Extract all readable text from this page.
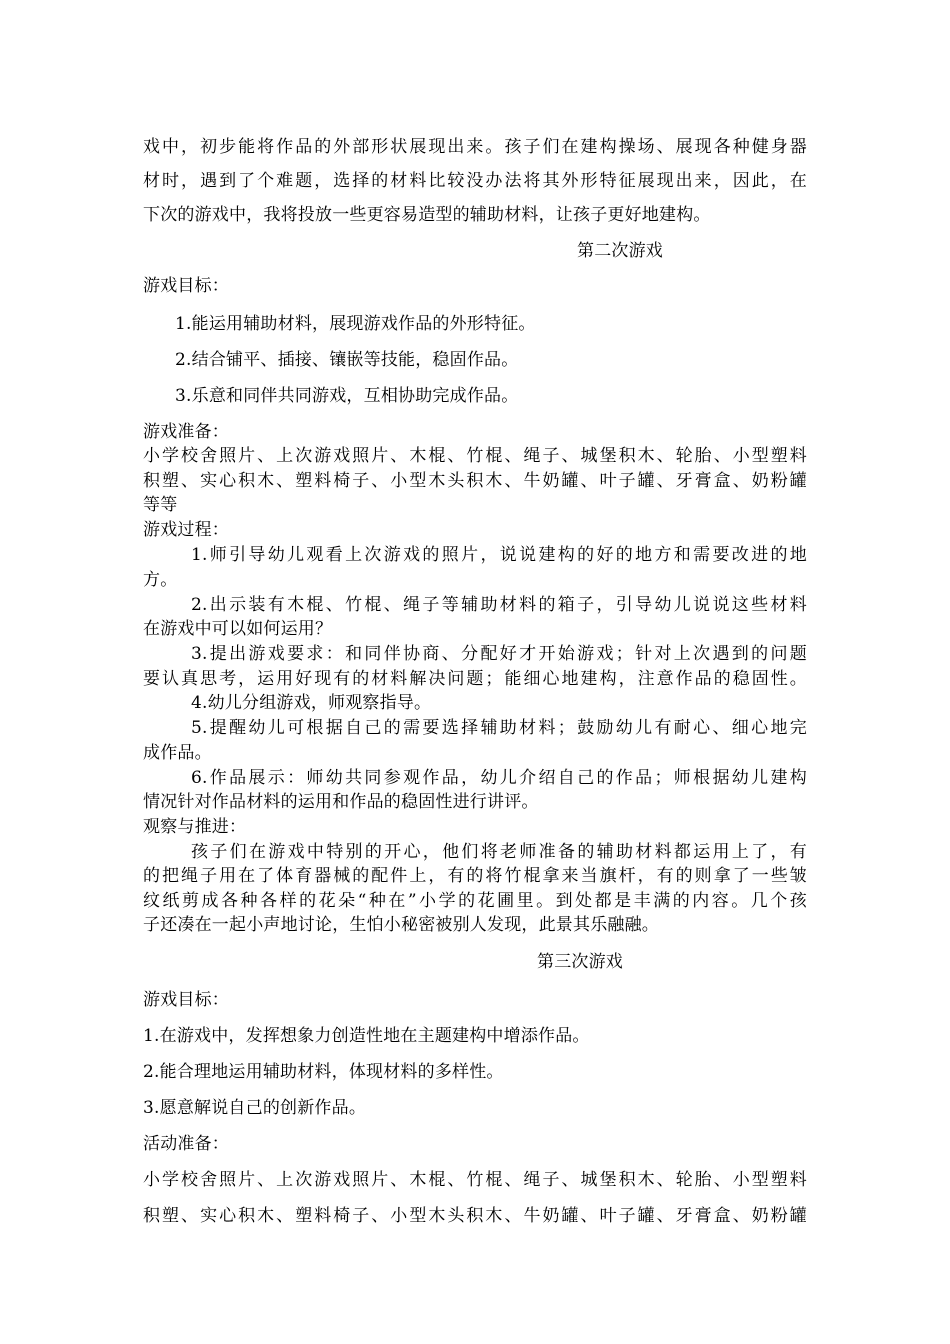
戏中，初步能将作品的外部形状展现出来。孩子们在建构操场、展现各种健身器

材时，遇到了个难题，选择的材料比较没办法将其外形特征展现出来，因此，在

下次的游戏中，我将投放一些更容易造型的辅助材料，让孩子更好地建构。

第二次游戏

游戏目标：

1.能运用辅助材料，展现游戏作品的外形特征。

2.结合铺平、插接、镶嵌等技能，稳固作品。

3.乐意和同伴共同游戏，互相协助完成作品。

游戏准备：

小学校舍照片、上次游戏照片、木棍、竹棍、绳子、城堡积木、轮胎、小型塑料

积塑、实心积木、塑料椅子、小型木头积木、牛奶罐、叶子罐、牙膏盒、奶粉罐

等等

游戏过程：

1.师引导幼儿观看上次游戏的照片，说说建构的好的地方和需要改进的地

方。

2.出示装有木棍、竹棍、绳子等辅助材料的箱子，引导幼儿说说这些材料

在游戏中可以如何运用？

3.提出游戏要求：和同伴协商、分配好才开始游戏；针对上次遇到的问题

要认真思考，运用好现有的材料解决问题；能细心地建构，注意作品的稳固性。

4.幼儿分组游戏，师观察指导。

5.提醒幼儿可根据自己的需要选择辅助材料；鼓励幼儿有耐心、细心地完

成作品。

6.作品展示：师幼共同参观作品，幼儿介绍自己的作品；师根据幼儿建构

情况针对作品材料的运用和作品的稳固性进行讲评。

观察与推进：

孩子们在游戏中特别的开心，他们将老师准备的辅助材料都运用上了，有

的把绳子用在了体育器械的配件上，有的将竹棍拿来当旗杆，有的则拿了一些皱

纹纸剪成各种各样的花朵“种在”小学的花圃里。到处都是丰满的内容。几个孩

子还凑在一起小声地讨论，生怕小秘密被别人发现，此景其乐融融。

第三次游戏

游戏目标：

1.在游戏中，发挥想象力创造性地在主题建构中增添作品。

2.能合理地运用辅助材料，体现材料的多样性。

3.愿意解说自己的创新作品。

活动准备：

小学校舍照片、上次游戏照片、木棍、竹棍、绳子、城堡积木、轮胎、小型塑料

积塑、实心积木、塑料椅子、小型木头积木、牛奶罐、叶子罐、牙膏盒、奶粉罐
